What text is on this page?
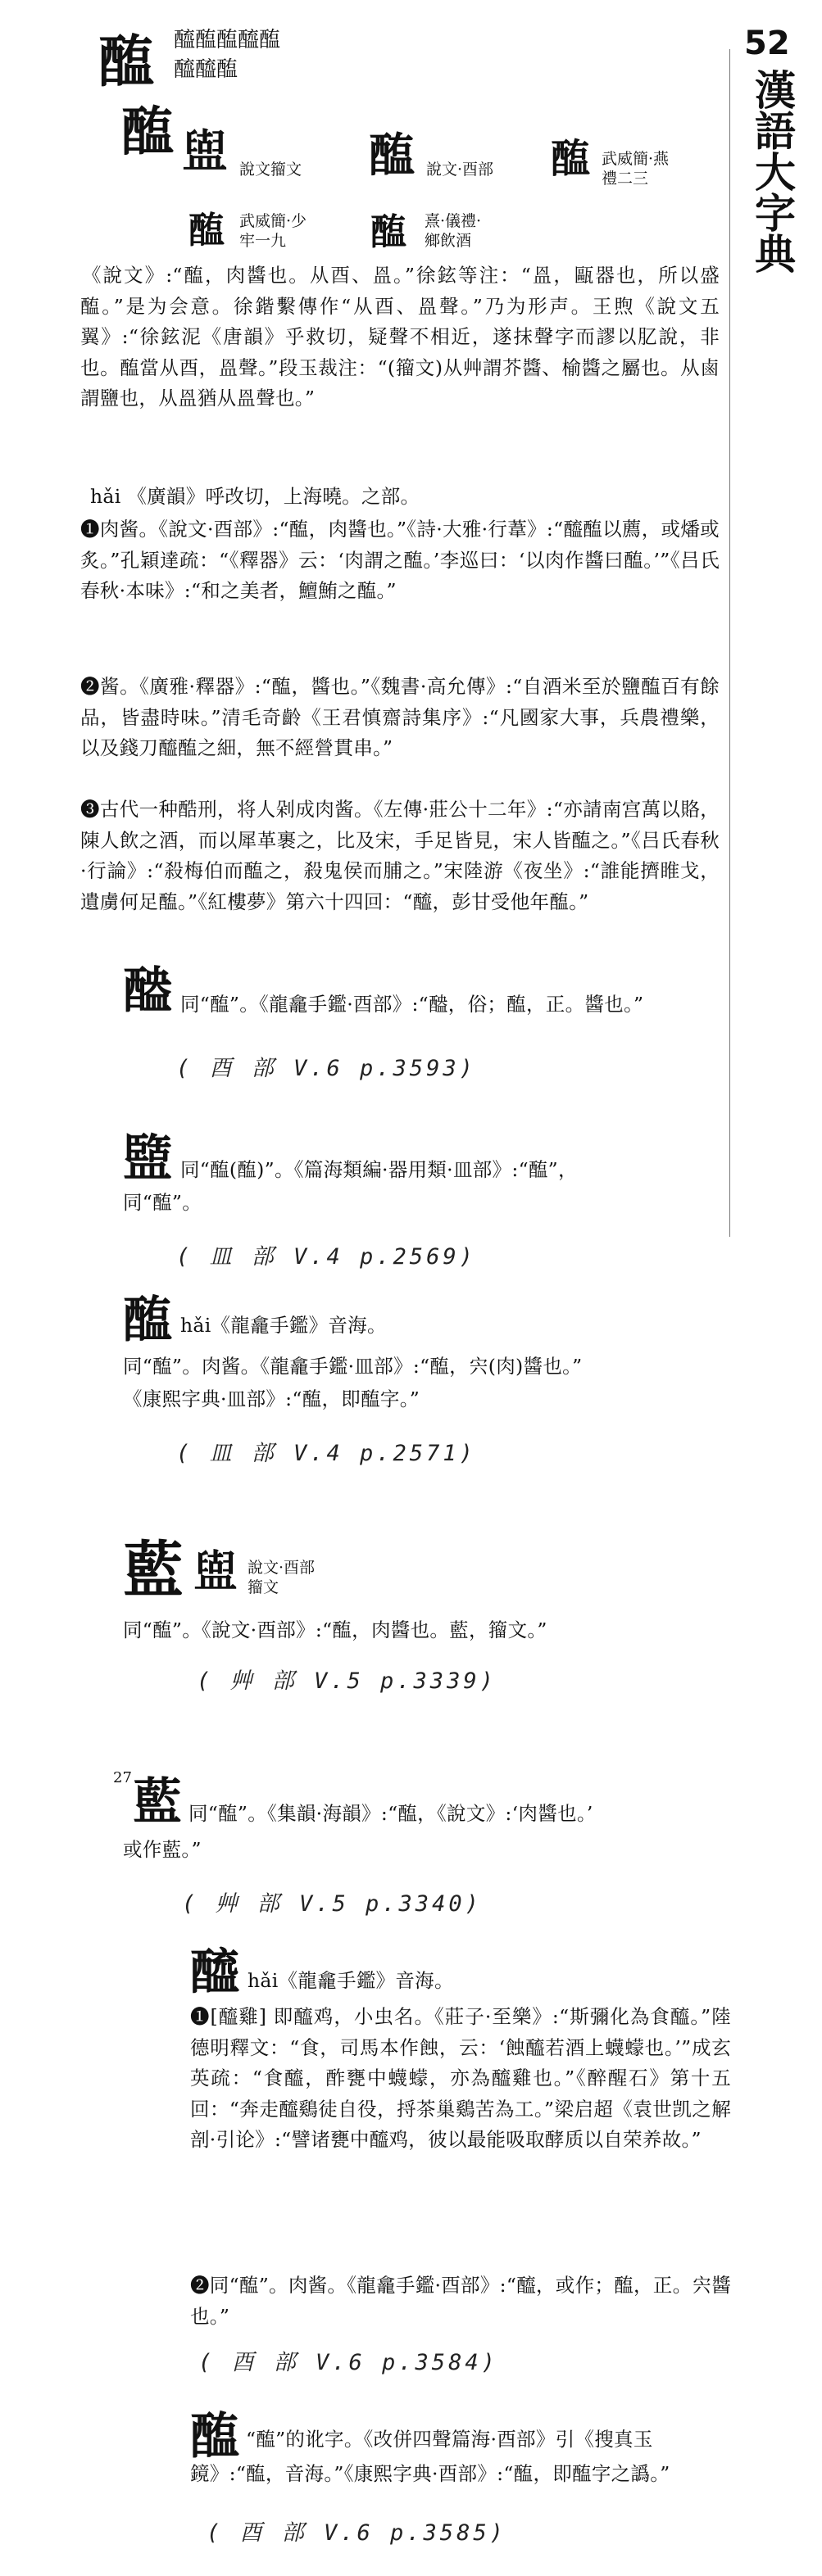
52
漢語大字典
醢 醯醢醢醯醢
醯醯醢
醢 𥂤 說文籀文 醢 說文·酉部 醢 武威簡·燕
禮二三
醢 武威簡·少
牢一九 醢 熹·儀禮·
鄉飲酒
《說文》:“醢，肉醬也。从酉、𥁕。”徐鉉等注：“𥁕，甌器也，所以盛醢。”是为会意。徐鍇繫傳作“从酉、𥁕聲。”乃为形声。王煦《說文五翼》:“徐鉉泥《唐韻》乎救切，疑聲不相近，遂抹聲字而謬以肊說，非也。醢當从酉，𥁕聲。”段玉裁注：“(籀文)从艸謂芥醬、榆醬之屬也。从鹵謂鹽也，从𥁕猶从𥁕聲也。”
hǎi 《廣韻》呼改切，上海曉。之部。
❶肉酱。《說文·酉部》:“醢，肉醬也。”《詩·大雅·行葦》:“醯醢以薦，或燔或炙。”孔穎達疏：“《釋器》云：‘肉謂之醢。’李巡曰：‘以肉作醬曰醢。’”《吕氏春秋·本味》:“和之美者，鱣鮪之醢。”
❷酱。《廣雅·釋器》:“醢，醬也。”《魏書·高允傳》:“自酒米至於鹽醢百有餘品，皆盡時味。”清毛奇齡《王君慎齋詩集序》:“凡國家大事，兵農禮樂，以及錢刀醯醢之細，無不經營貫串。”
❸古代一种酷刑，将人剁成肉酱。《左傳·莊公十二年》:“亦請南宫萬以賂，陳人飲之酒，而以犀革裹之，比及宋，手足皆見，宋人皆醢之。”《吕氏春秋·行論》:“殺梅伯而醢之，殺鬼侯而脯之。”宋陸游《夜坐》:“誰能擠睢戈，遺虜何足醢。”《紅樓夢》第六十四回：“醯，彭甘受他年醢。”
( 酉 部 V.6 p.3593)
醠 同“醢”。《龍龕手鑑·酉部》:“醠，俗；醢，正。醬也。”
盬 同“醢(醢)”。《篇海類編·器用類·皿部》:“醢”，
同“醢”。
( 皿 部 V.4 p.2569)
醢 hǎi《龍龕手鑑》音海。
同“醢”。肉酱。《龍龕手鑑·皿部》:“醢，宍(肉)醬也。”
《康熙字典·皿部》:“醢，即醢字。”
( 皿 部 V.4 p.2571)
藍 𥂤 說文·酉部
籀文
同“醢”。《說文·酉部》:“醢，肉醬也。藍，籀文。”
( 艸 部 V.5 p.3339)
27 藍 同“醢”。《集韻·海韻》:“醢，《說文》:‘肉醬也。’
或作藍。”
( 艸 部 V.5 p.3340)
醯 hǎi《龍龕手鑑》音海。
❶[醯雞] 即醯鸡，小虫名。《莊子·至樂》:“斯彌化為食醯。”陸德明釋文：“食，司馬本作蝕，云：‘蝕醯若酒上蠛蠓也。’”成玄英疏：“食醯，酢甕中蠛蠓，亦為醯雞也。”《醉醒石》第十五回：“奔走醯鷄徒自役，捋茶巢鷄苦為工。”梁启超《袁世凯之解剖·引论》:“譬诸甕中醯鸡，彼以最能吸取酵质以自荣养故。”
❷同“醢”。肉酱。《龍龕手鑑·酉部》:“醯，或作；醢，正。宍醬也。”
( 酉 部 V.6 p.3584)
醢 “醢”的讹字。《改併四聲篇海·酉部》引《搜真玉
鏡》:“醢，音海。”《康熙字典·酉部》:“醢，即醢字之譌。”
( 酉 部 V.6 p.3585)
